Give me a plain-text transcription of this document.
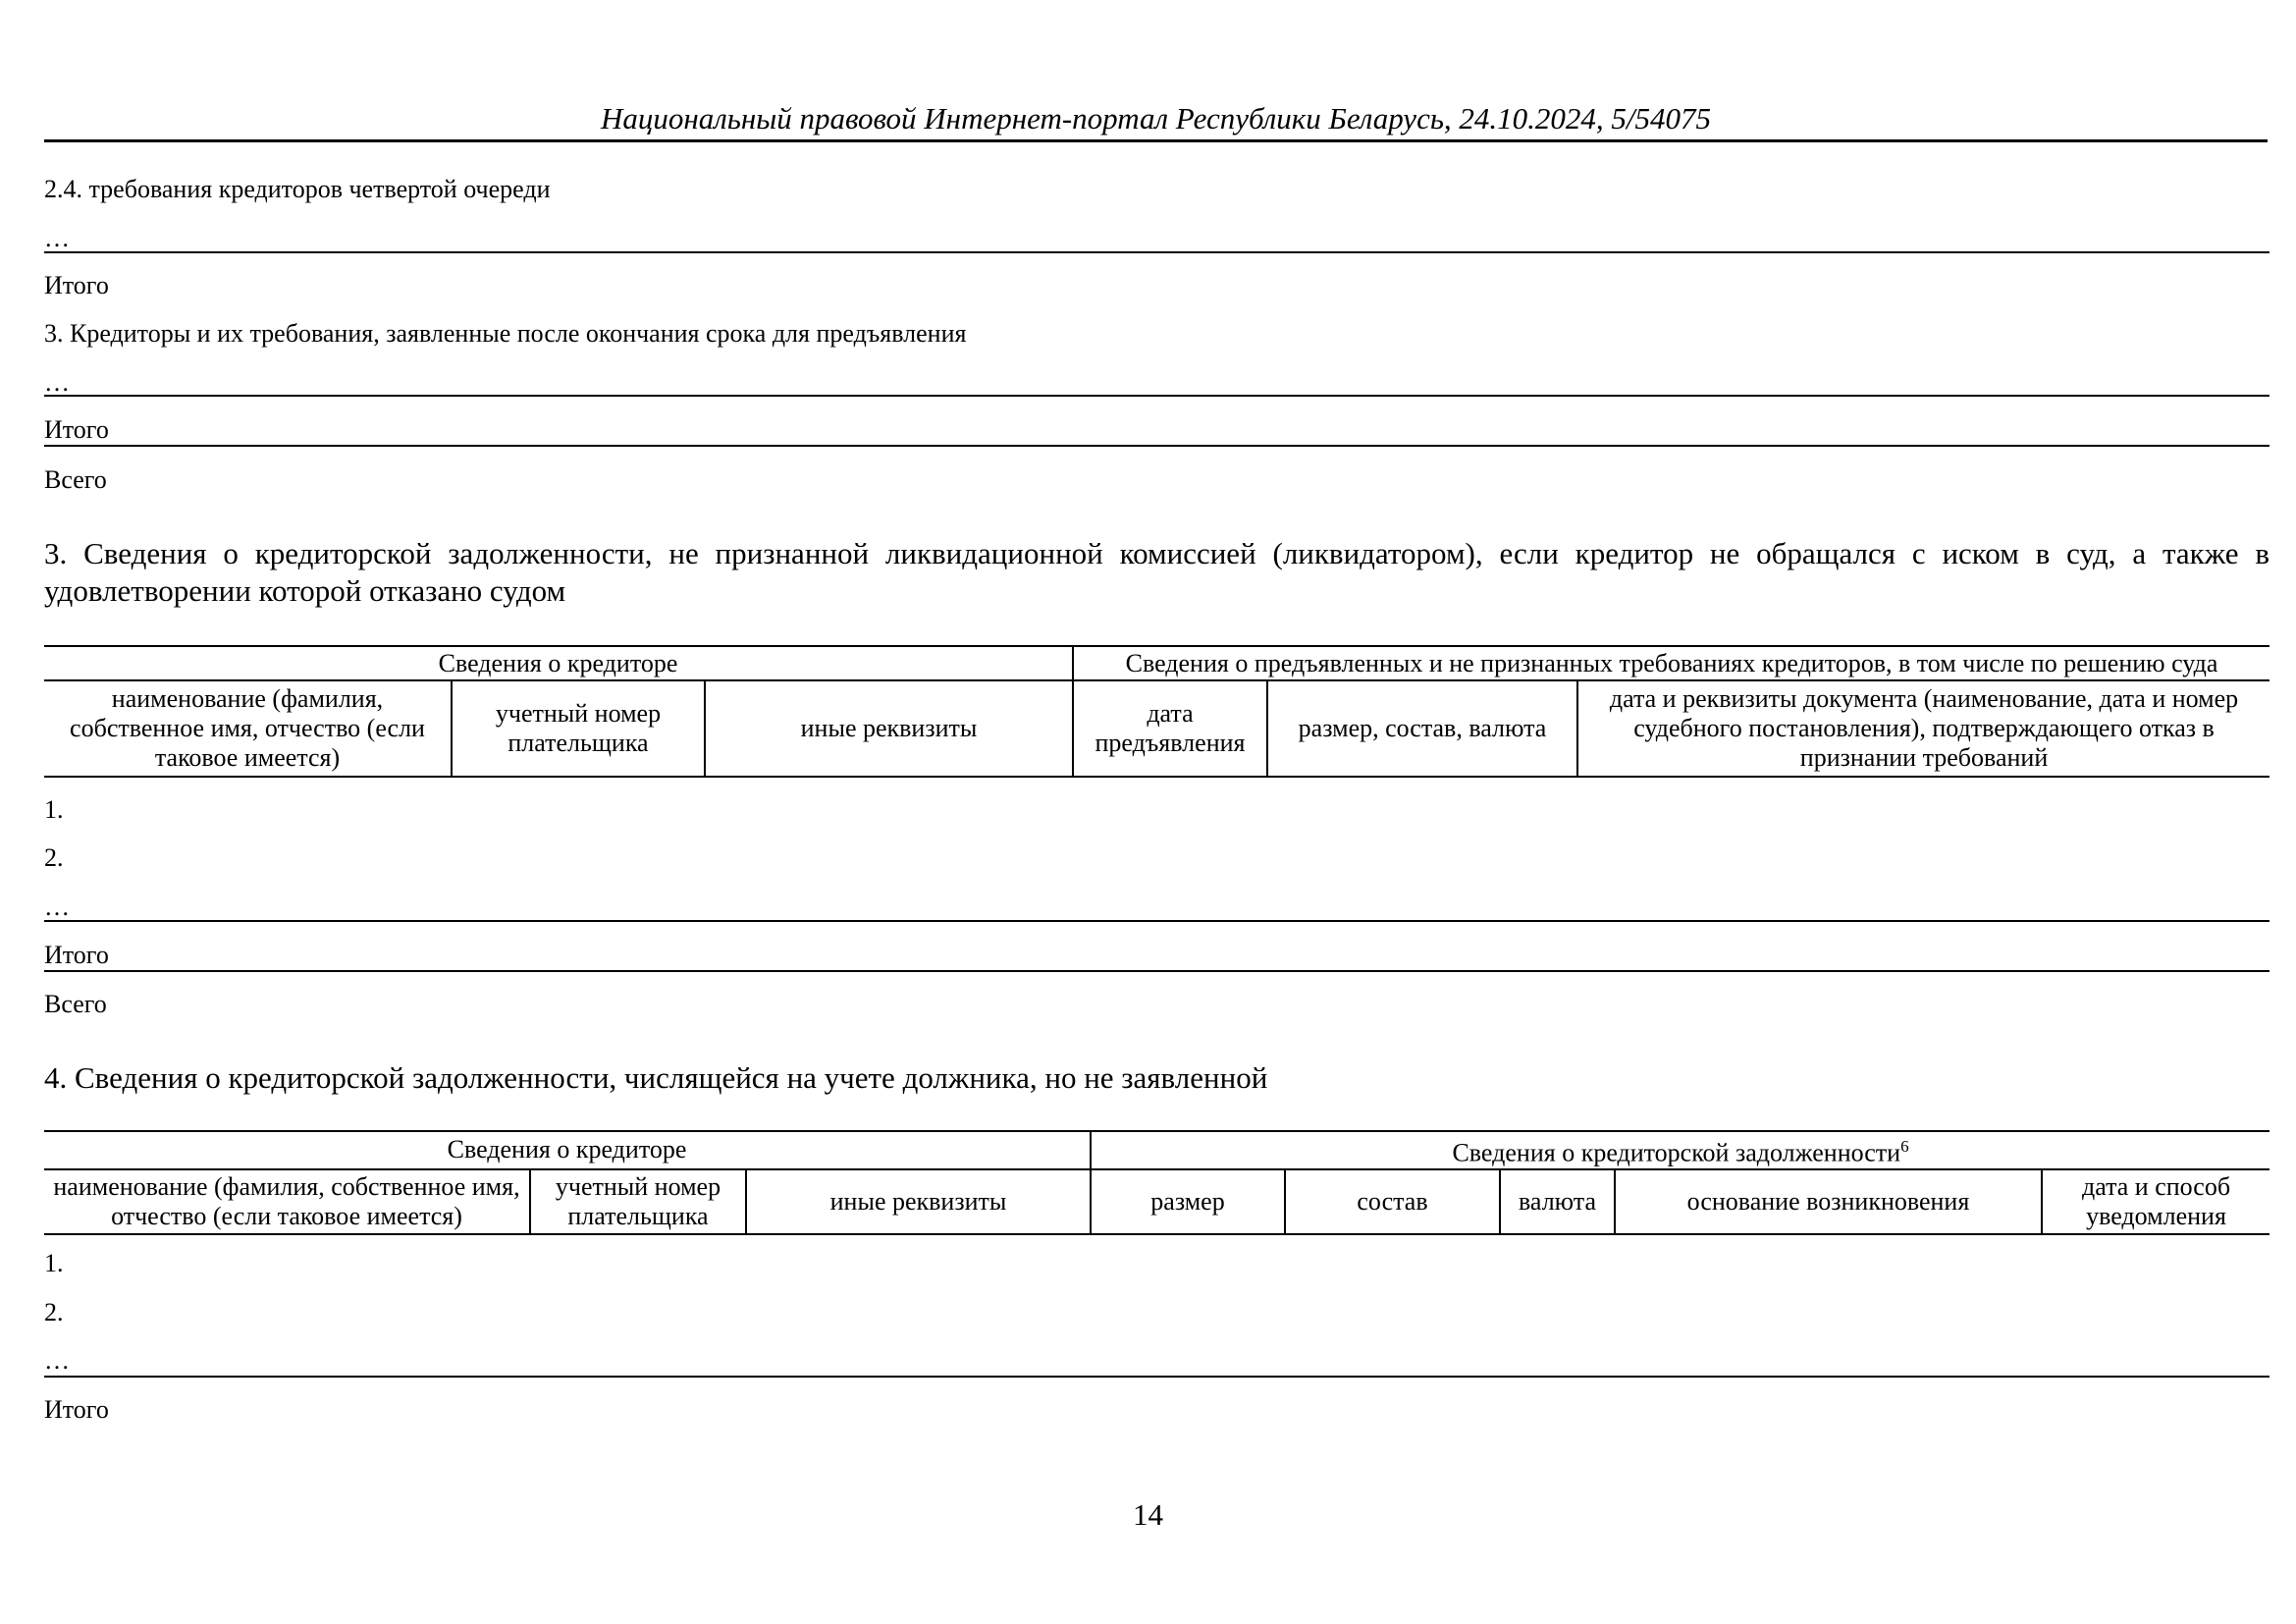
Национальный правовой Интернет-портал Республики Беларусь, 24.10.2024, 5/54075
2.4. требования кредиторов четвертой очереди
…
Итого
3. Кредиторы и их требования, заявленные после окончания срока для предъявления
…
Итого
Всего
3. Сведения о кредиторской задолженности, не признанной ликвидационной комиссией (ликвидатором), если кредитор не обращался с иском в суд, а также в удовлетворении которой отказано судом
Сведения о кредиторе			Сведения о предъявленных и не признанных требованиях кредиторов, в том числе по решению суда		
наименование (фамилия, собственное имя, отчество (если таковое имеется)	учетный номер плательщика	иные реквизиты	дата предъявления	размер, состав, валюта	дата и реквизиты документа (наименование, дата и номер судебного постановления), подтверждающего отказ в признании требований
1.
2.
…
Итого
Всего
4. Сведения о кредиторской задолженности, числящейся на учете должника, но не заявленной
Сведения о кредиторе			Сведения о кредиторской задолженности$^6$
наименование (фамилия, собственное имя, отчество (если таковое имеется)	учетный номер плательщика	иные реквизиты	размер	состав	валюта	основание возникновения	дата и способ уведомления
1.
2.
…
Итого
14
